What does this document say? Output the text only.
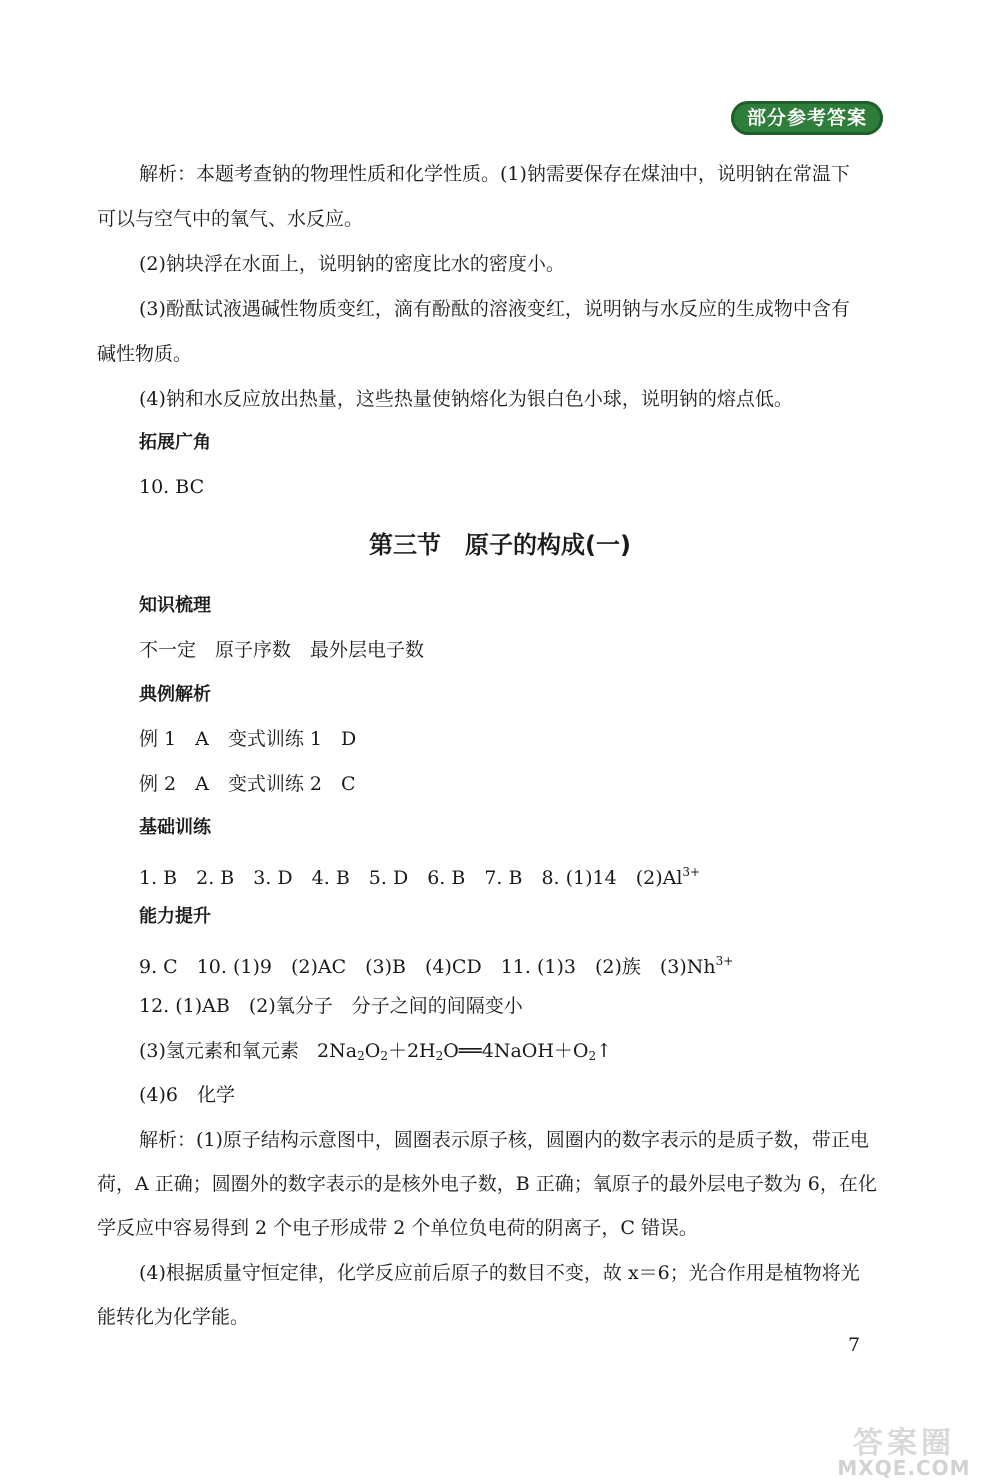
部分参考答案
解析：本题考查钠的物理性质和化学性质。(1)钠需要保存在煤油中，说明钠在常温下
可以与空气中的氧气、水反应。
(2)钠块浮在水面上，说明钠的密度比水的密度小。
(3)酚酞试液遇碱性物质变红，滴有酚酞的溶液变红，说明钠与水反应的生成物中含有
碱性物质。
(4)钠和水反应放出热量，这些热量使钠熔化为银白色小球，说明钠的熔点低。
拓展广角
10. BC
第三节　原子的构成(一)
知识梳理
不一定　原子序数　最外层电子数
典例解析
例 1　A　变式训练 1　D
例 2　A　变式训练 2　C
基础训练
1. B　2. B　3. D　4. B　5. D　6. B　7. B　8. (1)14　$(2)Al^{3+}$
能力提升
9. C　10. (1)9　(2)AC　(3)B　(4)CD　11. (1)3　(2)族　$(3)Nh^{3+}$
12. (1)AB　(2)氧分子　分子之间的间隔变小
(3)氢元素和氧元素 $2Na_2O_2+2H_2O══4NaOH+O_2↑$
(4)6　化学
解析：(1)原子结构示意图中，圆圈表示原子核，圆圈内的数字表示的是质子数，带正电
荷，A 正确；圆圈外的数字表示的是核外电子数，B 正确；氧原子的最外层电子数为 6，在化
学反应中容易得到 2 个电子形成带 2 个单位负电荷的阴离子，C 错误。
(4)根据质量守恒定律，化学反应前后原子的数目不变，故 x＝6；光合作用是植物将光
能转化为化学能。
7
答案圈
MXQE.COM
